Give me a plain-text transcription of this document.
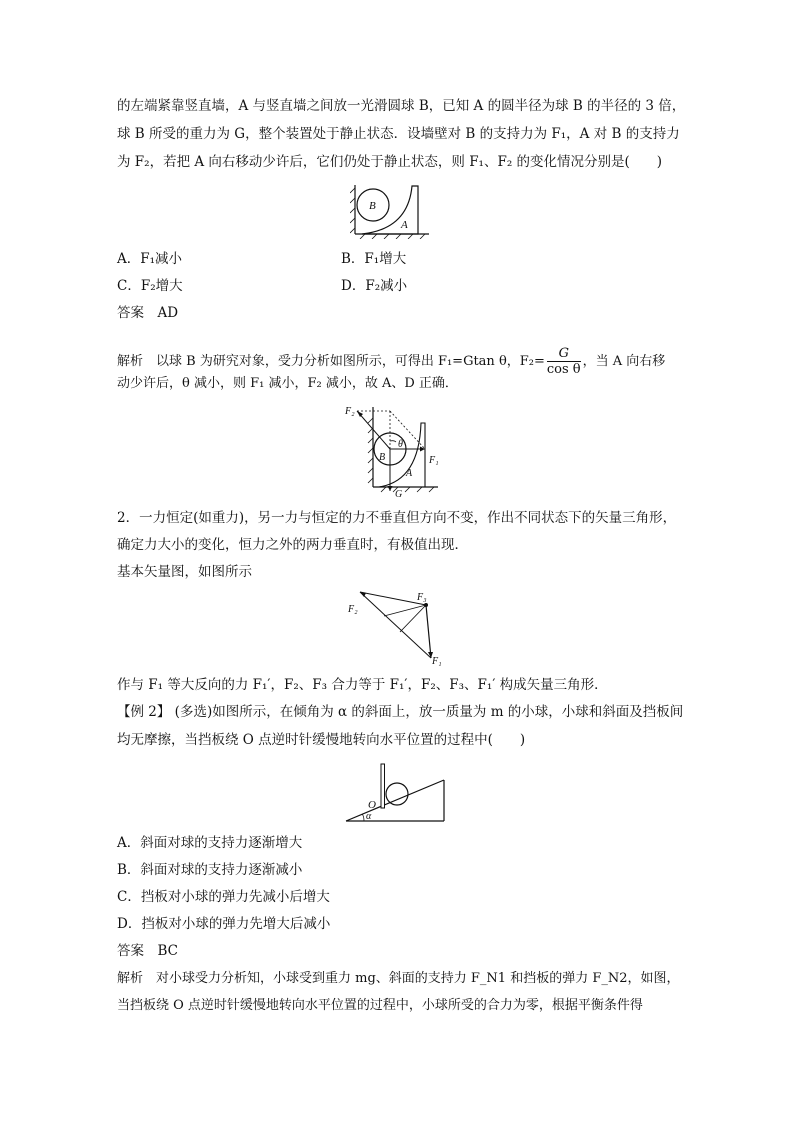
的左端紧靠竖直墙，A 与竖直墙之间放一光滑圆球 B，已知 A 的圆半径为球 B 的半径的 3 倍，
球 B 所受的重力为 G，整个装置处于静止状态．设墙壁对 B 的支持力为 F₁，A 对 B 的支持力
为 F₂，若把 A 向右移动少许后，它们仍处于静止状态，则 F₁、F₂ 的变化情况分别是(　　)
B
A
A．F₁减小	B．F₁增大
C．F₂增大	D．F₂减小
答案　AD
解析　以球 B 为研究对象，受力分析如图所示，可得出 F₁=Gtan θ，$F_2= \frac{G}{\text{cos θ}}$ ，当 A 向右移
动少许后，θ 减小，则 F₁ 减小，F₂ 减小，故 A、D 正确．
F₂
θ
F₁
B
A
G
2．一力恒定(如重力)，另一力与恒定的力不垂直但方向不变，作出不同状态下的矢量三角形，
确定力大小的变化，恒力之外的两力垂直时，有极值出现．
基本矢量图，如图所示
F₃
F₂
F₁
作与 F₁ 等大反向的力 F₁′，F₂、F₃ 合力等于 F₁′，F₂、F₃、F₁′ 构成矢量三角形．
【例 2】 (多选)如图所示，在倾角为 α 的斜面上，放一质量为 m 的小球，小球和斜面及挡板间
均无摩擦，当挡板绕 O 点逆时针缓慢地转向水平位置的过程中(　　)
O
α
A．斜面对球的支持力逐渐增大
B．斜面对球的支持力逐渐减小
C．挡板对小球的弹力先减小后增大
D．挡板对小球的弹力先增大后减小
答案　BC
解析　对小球受力分析知，小球受到重力 mg、斜面的支持力 F_N1 和挡板的弹力 F_N2，如图，
当挡板绕 O 点逆时针缓慢地转向水平位置的过程中，小球所受的合力为零，根据平衡条件得
